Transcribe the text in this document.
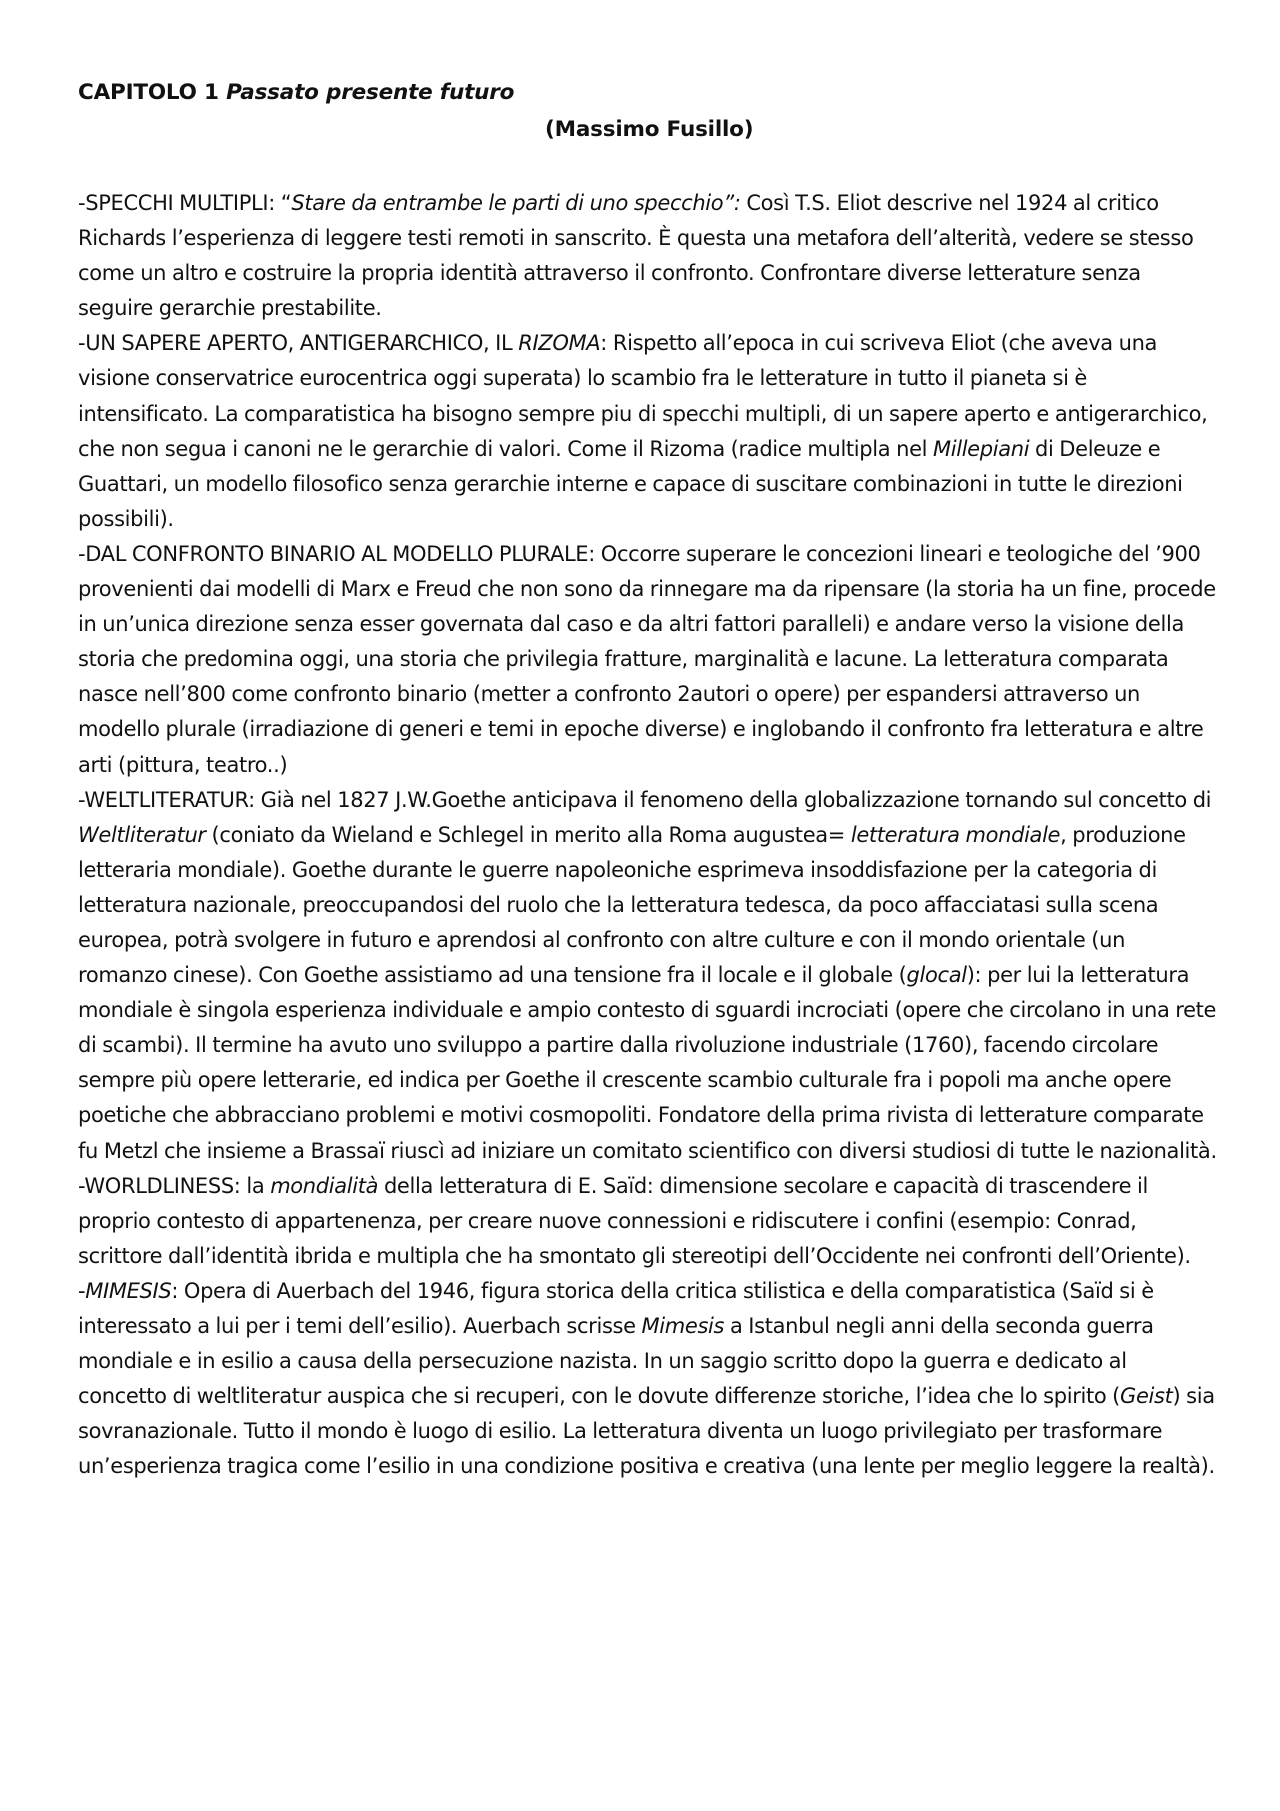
CAPITOLO 1 Passato presente futuro
(Massimo Fusillo)

-SPECCHI MULTIPLI: “Stare da entrambe le parti di uno specchio”: Così T.S. Eliot descrive nel 1924 al critico Richards l’esperienza di leggere testi remoti in sanscrito. È questa una metafora dell’alterità, vedere se stesso come un altro e costruire la propria identità attraverso il confronto. Confrontare diverse letterature senza seguire gerarchie prestabilite.

-UN SAPERE APERTO, ANTIGERARCHICO, IL RIZOMA: Rispetto all’epoca in cui scriveva Eliot (che aveva una visione conservatrice eurocentrica oggi superata) lo scambio fra le letterature in tutto il pianeta si è intensificato. La comparatistica ha bisogno sempre piu di specchi multipli, di un sapere aperto e antigerarchico, che non segua i canoni ne le gerarchie di valori. Come il Rizoma (radice multipla nel Millepiani di Deleuze e Guattari, un modello filosofico senza gerarchie interne e capace di suscitare combinazioni in tutte le direzioni possibili).

-DAL CONFRONTO BINARIO AL MODELLO PLURALE: Occorre superare le concezioni lineari e teologiche del ’900 provenienti dai modelli di Marx e Freud che non sono da rinnegare ma da ripensare (la storia ha un fine, procede in un’unica direzione senza esser governata dal caso e da altri fattori paralleli) e andare verso la visione della storia che predomina oggi, una storia che privilegia fratture, marginalità e lacune. La letteratura comparata nasce nell’800 come confronto binario (metter a confronto 2autori o opere) per espandersi attraverso un modello plurale (irradiazione di generi e temi in epoche diverse) e inglobando il confronto fra letteratura e altre arti (pittura, teatro..)

-WELTLITERATUR: Già nel 1827 J.W.Goethe anticipava il fenomeno della globalizzazione tornando sul concetto di Weltliteratur (coniato da Wieland e Schlegel in merito alla Roma augustea= letteratura mondiale, produzione letteraria mondiale). Goethe durante le guerre napoleoniche esprimeva insoddisfazione per la categoria di letteratura nazionale, preoccupandosi del ruolo che la letteratura tedesca, da poco affacciatasi sulla scena europea, potrà svolgere in futuro e aprendosi al confronto con altre culture e con il mondo orientale (un romanzo cinese). Con Goethe assistiamo ad una tensione fra il locale e il globale (glocal): per lui la letteratura mondiale è singola esperienza individuale e ampio contesto di sguardi incrociati (opere che circolano in una rete di scambi). Il termine ha avuto uno sviluppo a partire dalla rivoluzione industriale (1760), facendo circolare sempre più opere letterarie, ed indica per Goethe il crescente scambio culturale fra i popoli ma anche opere poetiche che abbracciano problemi e motivi cosmopoliti. Fondatore della prima rivista di letterature comparate fu Metzl che insieme a Brassaï riuscì ad iniziare un comitato scientifico con diversi studiosi di tutte le nazionalità.

-WORLDLINESS: la mondialità della letteratura di E. Saïd: dimensione secolare e capacità di trascendere il proprio contesto di appartenenza, per creare nuove connessioni e ridiscutere i confini (esempio: Conrad, scrittore dall’identità ibrida e multipla che ha smontato gli stereotipi dell’Occidente nei confronti dell’Oriente).

-MIMESIS: Opera di Auerbach del 1946, figura storica della critica stilistica e della comparatistica (Saïd si è interessato a lui per i temi dell’esilio). Auerbach scrisse Mimesis a Istanbul negli anni della seconda guerra mondiale e in esilio a causa della persecuzione nazista. In un saggio scritto dopo la guerra e dedicato al concetto di weltliteratur auspica che si recuperi, con le dovute differenze storiche, l’idea che lo spirito (Geist) sia sovranazionale. Tutto il mondo è luogo di esilio. La letteratura diventa un luogo privilegiato per trasformare un’esperienza tragica come l’esilio in una condizione positiva e creativa (una lente per meglio leggere la realtà).
